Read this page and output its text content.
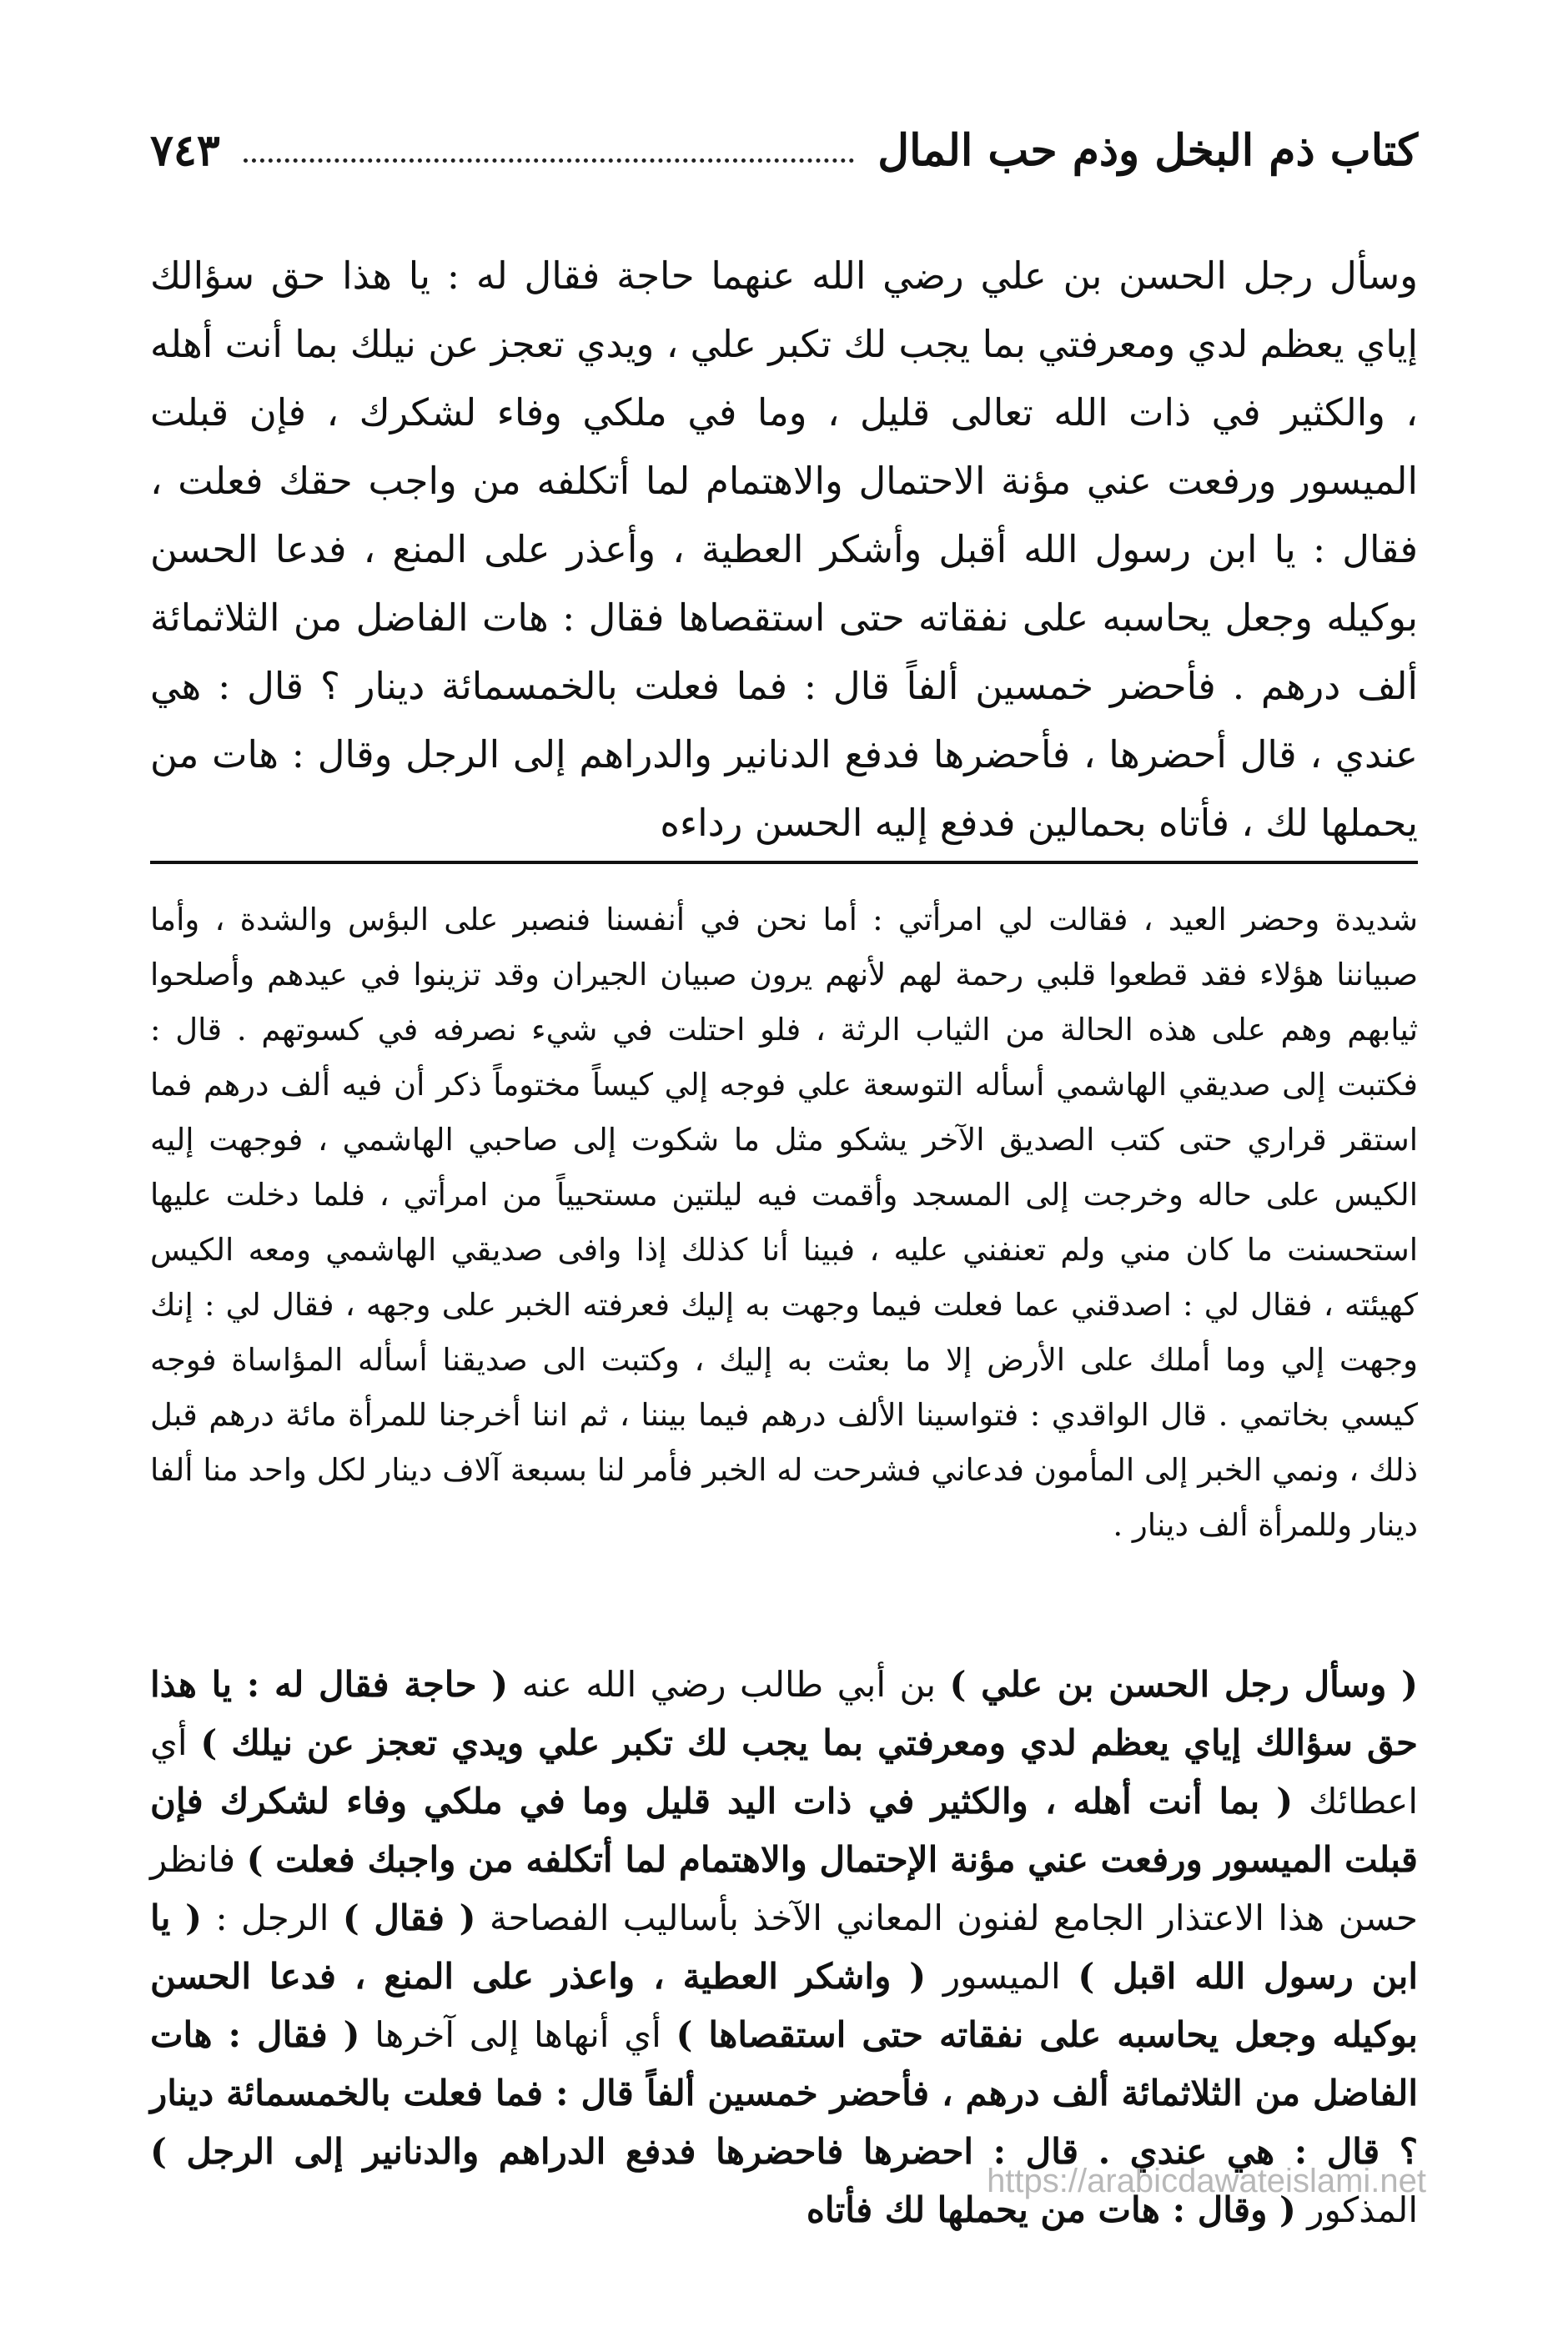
كتاب ذم البخل وذم حب المال
٧٤٣
وسأل رجل الحسن بن علي رضي الله عنهما حاجة فقال له : يا هذا حق سؤالك إياي يعظم لدي ومعرفتي بما يجب لك تكبر علي ، ويدي تعجز عن نيلك بما أنت أهله ، والكثير في ذات الله تعالى قليل ، وما في ملكي وفاء لشكرك ، فإن قبلت الميسور ورفعت عني مؤنة الاحتمال والاهتمام لما أتكلفه من واجب حقك فعلت ، فقال : يا ابن رسول الله أقبل وأشكر العطية ، وأعذر على المنع ، فدعا الحسن بوكيله وجعل يحاسبه على نفقاته حتى استقصاها فقال : هات الفاضل من الثلاثمائة ألف درهم . فأحضر خمسين ألفاً قال : فما فعلت بالخمسمائة دينار ؟ قال : هي عندي ، قال أحضرها ، فأحضرها فدفع الدنانير والدراهم إلى الرجل وقال : هات من يحملها لك ، فأتاه بحمالين فدفع إليه الحسن رداءه
شديدة وحضر العيد ، فقالت لي امرأتي : أما نحن في أنفسنا فنصبر على البؤس والشدة ، وأما صبياننا هؤلاء فقد قطعوا قلبي رحمة لهم لأنهم يرون صبيان الجيران وقد تزينوا في عيدهم وأصلحوا ثيابهم وهم على هذه الحالة من الثياب الرثة ، فلو احتلت في شيء نصرفه في كسوتهم . قال : فكتبت إلى صديقي الهاشمي أسأله التوسعة علي فوجه إلي كيساً مختوماً ذكر أن فيه ألف درهم فما استقر قراري حتى كتب الصديق الآخر يشكو مثل ما شكوت إلى صاحبي الهاشمي ، فوجهت إليه الكيس على حاله وخرجت إلى المسجد وأقمت فيه ليلتين مستحيياً من امرأتي ، فلما دخلت عليها استحسنت ما كان مني ولم تعنفني عليه ، فبينا أنا كذلك إذا وافى صديقي الهاشمي ومعه الكيس كهيئته ، فقال لي : اصدقني عما فعلت فيما وجهت به إليك فعرفته الخبر على وجهه ، فقال لي : إنك وجهت إلي وما أملك على الأرض إلا ما بعثت به إليك ، وكتبت الى صديقنا أسأله المؤاساة فوجه كيسي بخاتمي . قال الواقدي : فتواسينا الألف درهم فيما بيننا ، ثم اننا أخرجنا للمرأة مائة درهم قبل ذلك ، ونمي الخبر إلى المأمون فدعاني فشرحت له الخبر فأمر لنا بسبعة آلاف دينار لكل واحد منا ألفا دينار وللمرأة ألف دينار .
( وسأل رجل الحسن بن علي ) بن أبي طالب رضي الله عنه ( حاجة فقال له : يا هذا حق سؤالك إياي يعظم لدي ومعرفتي بما يجب لك تكبر علي ويدي تعجز عن نيلك ) أي اعطائك ( بما أنت أهله ، والكثير في ذات اليد قليل وما في ملكي وفاء لشكرك فإن قبلت الميسور ورفعت عني مؤنة الإحتمال والاهتمام لما أتكلفه من واجبك فعلت ) فانظر حسن هذا الاعتذار الجامع لفنون المعاني الآخذ بأساليب الفصاحة ( فقال ) الرجل : ( يا ابن رسول الله اقبل ) الميسور ( واشكر العطية ، واعذر على المنع ، فدعا الحسن بوكيله وجعل يحاسبه على نفقاته حتى استقصاها ) أي أنهاها إلى آخرها ( فقال : هات الفاضل من الثلاثمائة ألف درهم ، فأحضر خمسين ألفاً قال : فما فعلت بالخمسمائة دينار ؟ قال : هي عندي . قال : احضرها فاحضرها فدفع الدراهم والدنانير إلى الرجل ) المذكور ( وقال : هات من يحملها لك فأتاه
https://arabicdawateislami.net
